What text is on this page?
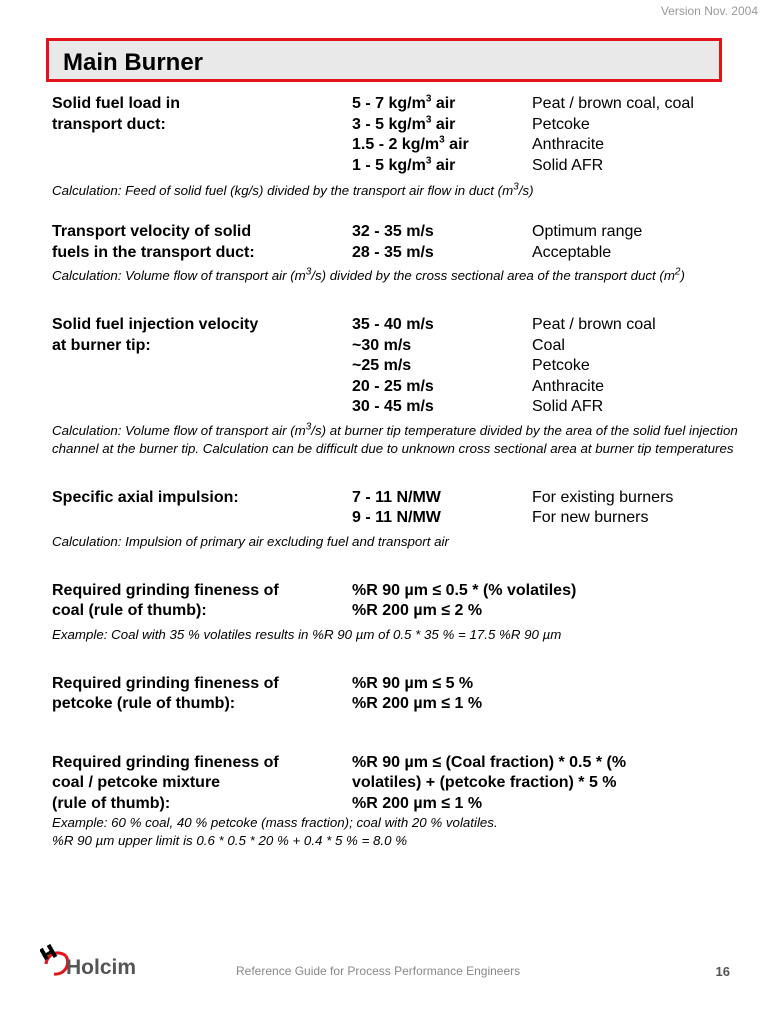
Version Nov. 2004
Main Burner
Solid fuel load in	5 - 7 $kg/m^3$ air	Peat / brown coal, coal
transport duct:	3 - 5 $kg/m^3$ air	Petcoke
1.5 - 2 $kg/m^3$ air	Anthracite
1 - 5 $kg/m^3$ air	Solid AFR
Calculation: Feed of solid fuel (kg/s) divided by the transport air flow in duct $(m^3/s)$
Transport velocity of solid	32 - 35 m/s	Optimum range
fuels in the transport duct:	28 - 35 m/s	Acceptable
Calculation: Volume flow of transport air $(m^3/s)$ divided by the cross sectional area of the transport duct $(m^2)$
Solid fuel injection velocity	35 - 40 m/s	Peat / brown coal
at burner tip:	~30 m/s	Coal
~25 m/s	Petcoke
20 - 25 m/s	Anthracite
30 - 45 m/s	Solid AFR
Calculation: Volume flow of transport air $(m^3/s)$ at burner tip temperature divided by the area of the solid fuel injection channel at the burner tip. Calculation can be difficult due to unknown cross sectional area at burner tip temperatures
Specific axial impulsion:	7 - 11 N/MW	For existing burners
9 - 11 N/MW	For new burners
Calculation: Impulsion of primary air excluding fuel and transport air
Required grinding fineness of	%R 90 µm ≤ 0.5 * (% volatiles)
coal (rule of thumb):	%R 200 µm ≤ 2 %
Example: Coal with 35 % volatiles results in %R 90 µm of 0.5 * 35 % = 17.5 %R 90 µm
Required grinding fineness of	%R 90 µm ≤ 5 %
petcoke (rule of thumb):	%R 200 µm ≤ 1 %
Required grinding fineness of	%R 90 µm ≤ (Coal fraction) * 0.5 * (%
coal / petcoke mixture	volatiles) + (petcoke fraction) * 5 %
(rule of thumb):	%R 200 µm ≤ 1 %
Example: 60 % coal, 40 % petcoke (mass fraction); coal with 20 % volatiles.
%R 90 µm upper limit is 0.6 * 0.5 * 20 % + 0.4 * 5 % = 8.0 %
Holcim	Reference Guide for Process Performance Engineers	16
